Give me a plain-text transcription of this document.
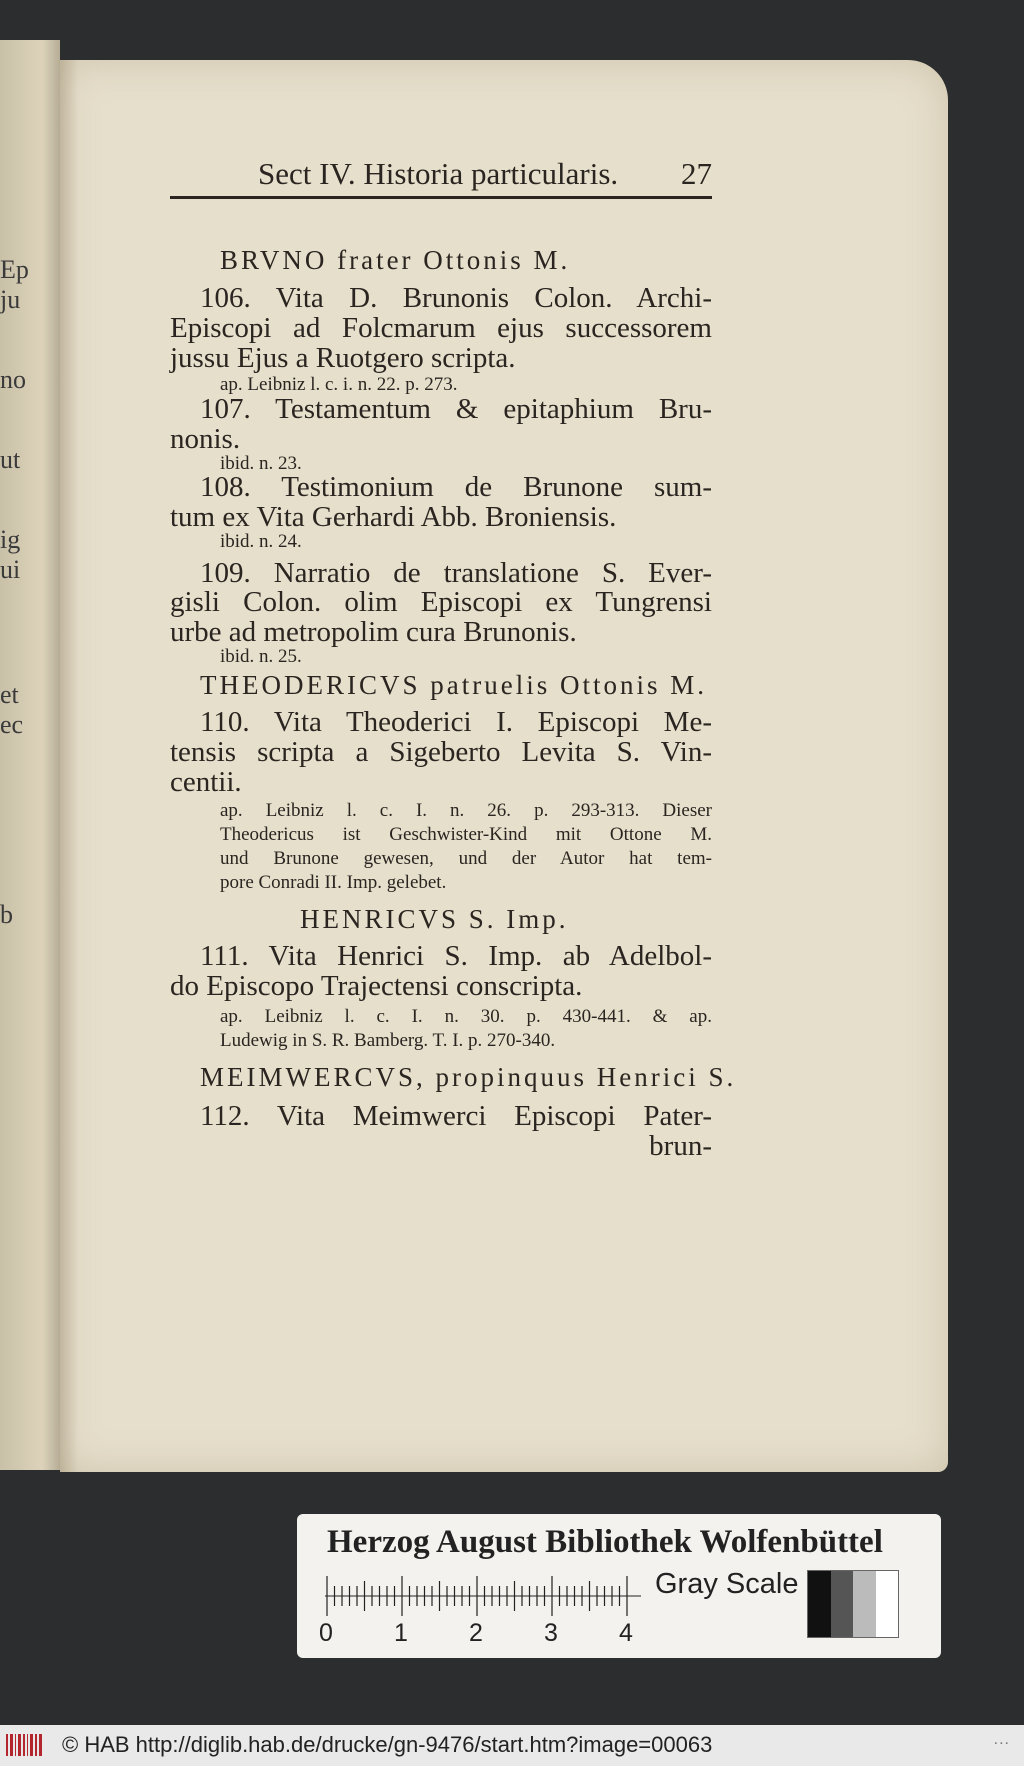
Ep
ju
no
ut
ig
ui
et
ec
b
Sect IV. Historia particularis. 27
BRVNO frater Ottonis M.
106. Vita D. Brunonis Colon. Archi-
Episcopi ad Folcmarum ejus successorem
jussu Ejus a Ruotgero scripta.
ap. Leibniz l. c. i. n. 22. p. 273.
107. Testamentum & epitaphium Bru-
nonis.
ibid. n. 23.
108. Testimonium de Brunone sum-
tum ex Vita Gerhardi Abb. Broniensis.
ibid. n. 24.
109. Narratio de translatione S. Ever-
gisli Colon. olim Episcopi ex Tungrensi
urbe ad metropolim cura Brunonis.
ibid. n. 25.
THEODERICVS patruelis Ottonis M.
110. Vita Theoderici I. Episcopi Me-
tensis scripta a Sigeberto Levita S. Vin-
centii.
ap. Leibniz l. c. I. n. 26. p. 293-313. Dieser
Theodericus ist Geschwister-Kind mit Ottone M.
und Brunone gewesen, und der Autor hat tem-
pore Conradi II. Imp. gelebet.
HENRICVS S. Imp.
111. Vita Henrici S. Imp. ab Adelbol-
do Episcopo Trajectensi conscripta.
ap. Leibniz l. c. I. n. 30. p. 430-441. & ap.
Ludewig in S. R. Bamberg. T. I. p. 270-340.
MEIMWERCVS, propinquus Henrici S.
112. Vita Meimwerci Episcopi Pater-
brun-
Herzog August Bibliothek Wolfenbüttel
0 1 2 3 4
Gray Scale
© HAB http://diglib.hab.de/drucke/gn-9476/start.htm?image=00063	...
